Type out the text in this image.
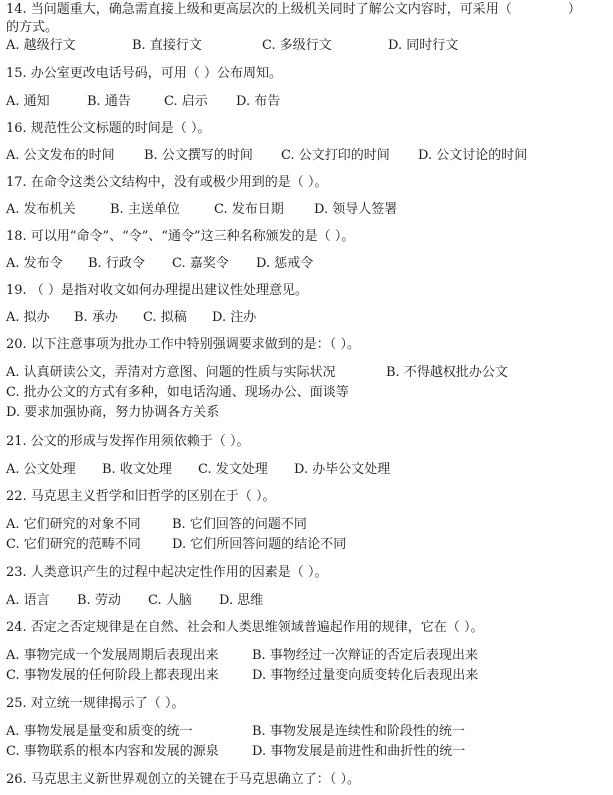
14. 当问题重大，确急需直接上级和更高层次的上级机关同时了解公文内容时，可采用（	）
的方式。
A. 越级行文	B. 直接行文	C. 多级行文	D. 同时行文
15. 办公室更改电话号码，可用（ ）公布周知。
A. 通知	B. 通告	C. 启示 D. 布告
16. 规范性公文标题的时间是（ ）。
A. 公文发布的时间 B. 公文撰写的时间 C. 公文打印的时间 D. 公文讨论的时间
17. 在命令这类公文结构中，没有或极少用到的是（ ）。
A. 发布机关	B. 主送单位	C. 发布日期 D. 领导人签署
18. 可以用“命令”、“令”、“通令”这三种名称颁发的是（ ）。
A. 发布令 B. 行政令 C. 嘉奖令 D. 惩戒令
19. （ ）是指对收文如何办理提出建议性处理意见。
A. 拟办 B. 承办 C. 拟稿 D. 注办
20. 以下注意事项为批办工作中特别强调要求做到的是：（ ）。
A. 认真研读公文，弄清对方意图、问题的性质与实际状况	B. 不得越权批办公文
C. 批办公文的方式有多种，如电话沟通、现场办公、面谈等
D. 要求加强协商，努力协调各方关系
21. 公文的形成与发挥作用须依赖于（ ）。
A. 公文处理 B. 收文处理 C. 发文处理 D. 办毕公文处理
22. 马克思主义哲学和旧哲学的区别在于（ ）。
A. 它们研究的对象不同 B. 它们回答的问题不同
C. 它们研究的范畴不同 D. 它们所回答问题的结论不同
23. 人类意识产生的过程中起决定性作用的因素是（ ）。
A. 语言 B. 劳动 C. 人脑 D. 思维
24. 否定之否定规律是在自然、社会和人类思维领域普遍起作用的规律，它在（ ）。
A. 事物完成一个发展周期后表现出来	B. 事物经过一次辩证的否定后表现出来
C. 事物发展的任何阶段上都表现出来	D. 事物经过量变向质变转化后表现出来
25. 对立统一规律揭示了（ ）。
A. 事物发展是量变和质变的统一	B. 事物发展是连续性和阶段性的统一
C. 事物联系的根本内容和发展的源泉	D. 事物发展是前进性和曲折性的统一
26. 马克思主义新世界观创立的关键在于马克思确立了：（ ）。
